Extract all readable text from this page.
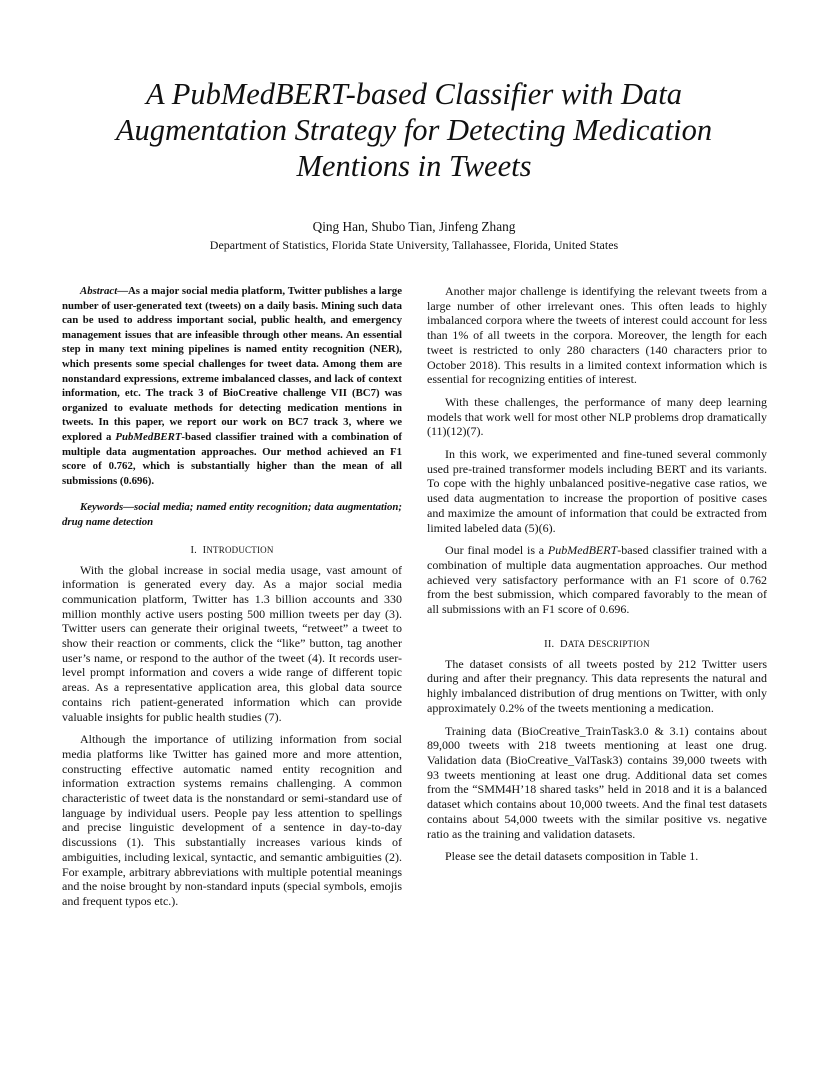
A PubMedBERT-based Classifier with Data
Augmentation Strategy for Detecting Medication
Mentions in Tweets
Qing Han, Shubo Tian, Jinfeng Zhang
Department of Statistics, Florida State University, Tallahassee, Florida, United States

Abstract—As a major social media platform, Twitter publishes a large number of user-generated text (tweets) on a daily basis. Mining such data can be used to address important social, public health, and emergency management issues that are infeasible through other means. An essential step in many text mining pipelines is named entity recognition (NER), which presents some special challenges for tweet data. Among them are nonstandard expressions, extreme imbalanced classes, and lack of context information, etc. The track 3 of BioCreative challenge VII (BC7) was organized to evaluate methods for detecting medication mentions in tweets. In this paper, we report our work on BC7 track 3, where we explored a PubMedBERT-based classifier trained with a combination of multiple data augmentation approaches. Our method achieved an F1 score of 0.762, which is substantially higher than the mean of all submissions (0.696).

Keywords—social media; named entity recognition; data augmentation; drug name detection

I. INTRODUCTION

With the global increase in social media usage, vast amount of information is generated every day. As a major social media communication platform, Twitter has 1.3 billion accounts and 330 million monthly active users posting 500 million tweets per day (3). Twitter users can generate their original tweets, “retweet” a tweet to show their reaction or comments, click the “like” button, tag another user’s name, or respond to the author of the tweet (4). It records user-level prompt information and covers a wide range of different topic areas. As a representative application area, this global data source contains rich patient-generated information which can provide valuable insights for public health studies (7).

Although the importance of utilizing information from social media platforms like Twitter has gained more and more attention, constructing effective automatic named entity recognition and information extraction systems remains challenging. A common characteristic of tweet data is the nonstandard or semi-standard use of language by individual users. People pay less attention to spellings and precise linguistic development of a sentence in day-to-day discussions (1). This substantially increases various kinds of ambiguities, including lexical, syntactic, and semantic ambiguities (2). For example, arbitrary abbreviations with multiple potential meanings and the noise brought by non-standard inputs (special symbols, emojis and frequent typos etc.).

Another major challenge is identifying the relevant tweets from a large number of other irrelevant ones. This often leads to highly imbalanced corpora where the tweets of interest could account for less than 1% of all tweets in the corpora. Moreover, the length for each tweet is restricted to only 280 characters (140 characters prior to October 2018). This results in a limited context information which is essential for recognizing entities of interest.

With these challenges, the performance of many deep learning models that work well for most other NLP problems drop dramatically (11)(12)(7).

In this work, we experimented and fine-tuned several commonly used pre-trained transformer models including BERT and its variants. To cope with the highly unbalanced positive-negative case ratios, we used data augmentation to increase the proportion of positive cases and maximize the amount of information that could be extracted from limited labeled data (5)(6).

Our final model is a PubMedBERT-based classifier trained with a combination of multiple data augmentation approaches. Our method achieved very satisfactory performance with an F1 score of 0.762 from the best submission, which compared favorably to the mean of all submissions with an F1 score of 0.696.

II. DATA DESCRIPTION

The dataset consists of all tweets posted by 212 Twitter users during and after their pregnancy. This data represents the natural and highly imbalanced distribution of drug mentions on Twitter, with only approximately 0.2% of the tweets mentioning a medication.

Training data (BioCreative_TrainTask3.0 & 3.1) contains about 89,000 tweets with 218 tweets mentioning at least one drug. Validation data (BioCreative_ValTask3) contains 39,000 tweets with 93 tweets mentioning at least one drug. Additional data set comes from the “SMM4H’18 shared tasks” held in 2018 and it is a balanced dataset which contains about 10,000 tweets. And the final test datasets contains about 54,000 tweets with the similar positive vs. negative ratio as the training and validation datasets.

Please see the detail datasets composition in Table 1.
